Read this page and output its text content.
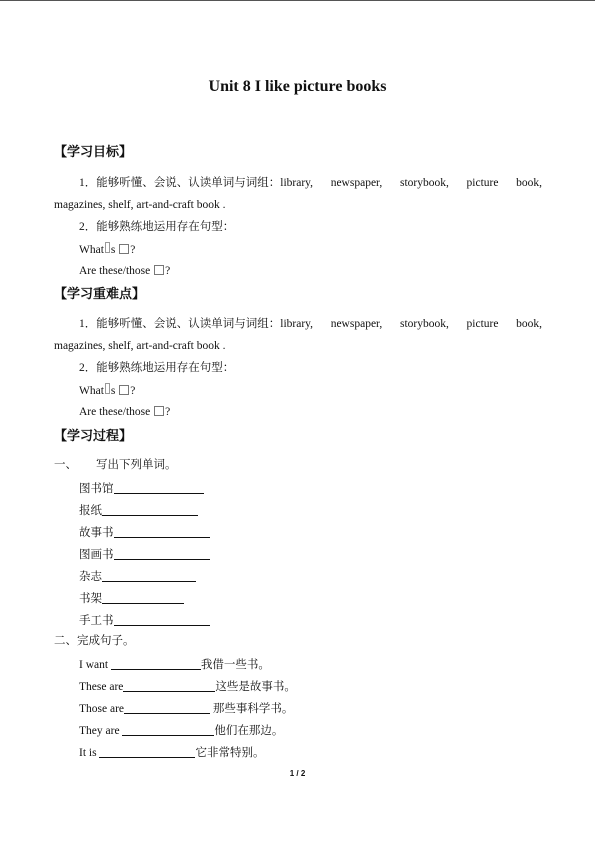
Unit 8 I like picture books
【学习目标】
1．能够听懂、会说、认读单词与词组：library, newspaper, storybook, picture book,
magazines, shelf, art-and-craft book .
2．能够熟练地运用存在句型：
What s ?
Are these/those ?
【学习重难点】
1．能够听懂、会说、认读单词与词组：library, newspaper, storybook, picture book,
magazines, shelf, art-and-craft book .
2．能够熟练地运用存在句型：
What s ?
Are these/those ?
【学习过程】
一、 写出下列单词。
图书馆
报纸
故事书
图画书
杂志
书架
手工书
二、完成句子。
I want	我借一些书。
These are	这些是故事书。
Those are	那些事科学书。
They are	他们在那边。
It is	它非常特别。
1 / 2
